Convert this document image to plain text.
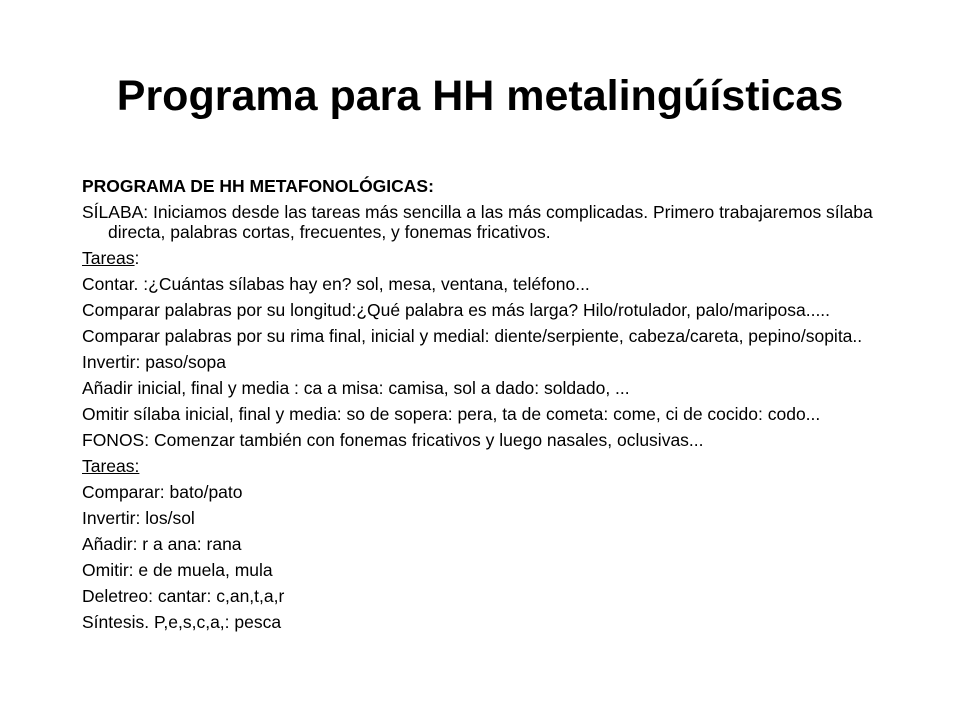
Programa para HH metalingúísticas
PROGRAMA DE HH METAFONOLÓGICAS:
SÍLABA: Iniciamos desde las tareas más sencilla a las más complicadas. Primero trabajaremos sílaba directa, palabras cortas, frecuentes, y fonemas fricativos.
Tareas:
Contar. :¿Cuántas sílabas hay en? sol, mesa, ventana, teléfono...
Comparar palabras por su longitud:¿Qué palabra es más larga? Hilo/rotulador, palo/mariposa.....
Comparar palabras por su rima final, inicial y medial: diente/serpiente, cabeza/careta, pepino/sopita..
Invertir: paso/sopa
Añadir inicial, final y media : ca a misa: camisa, sol a dado: soldado, ...
Omitir sílaba inicial, final y media: so de sopera: pera, ta de cometa: come, ci de cocido: codo...
FONOS: Comenzar también con fonemas fricativos y luego nasales, oclusivas...
Tareas:
Comparar: bato/pato
Invertir: los/sol
Añadir: r a ana: rana
Omitir: e de muela, mula
Deletreo: cantar: c,an,t,a,r
Síntesis. P,e,s,c,a,: pesca
